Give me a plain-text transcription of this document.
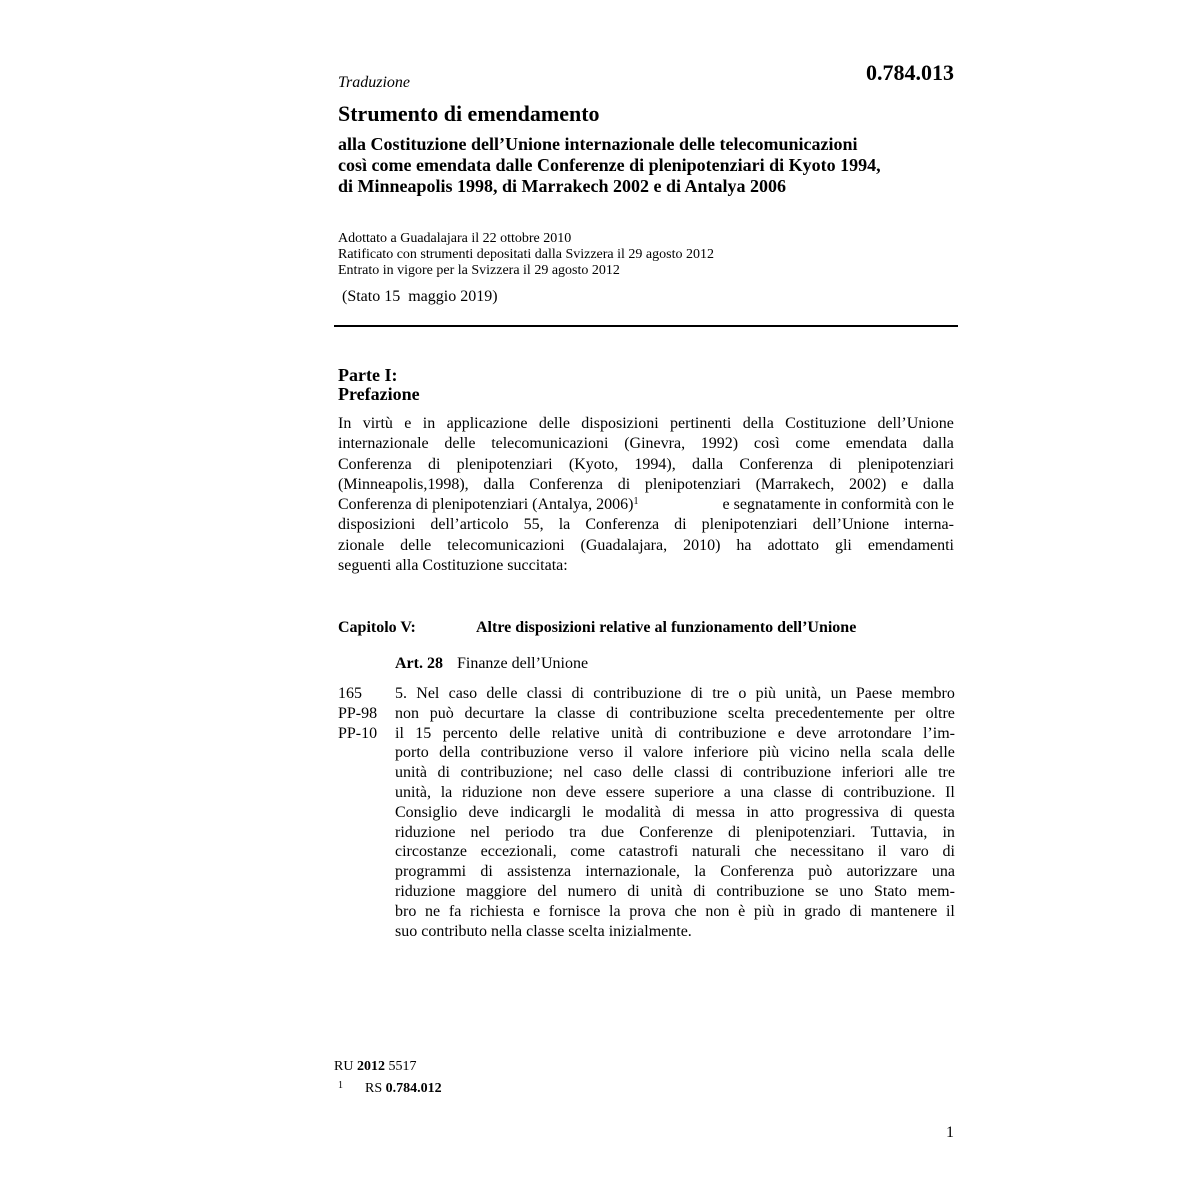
Traduzione	0.784.013
Strumento di emendamento
alla Costituzione dell’Unione internazionale delle telecomunicazioni
così come emendata dalle Conferenze di plenipotenziari di Kyoto 1994,
di Minneapolis 1998, di Marrakech 2002 e di Antalya 2006
Adottato a Guadalajara il 22 ottobre 2010
Ratificato con strumenti depositati dalla Svizzera il 29 agosto 2012
Entrato in vigore per la Svizzera il 29 agosto 2012
(Stato 15  maggio 2019)
Parte I:
Prefazione
In virtù e in applicazione delle disposizioni pertinenti della Costituzione dell’Unione
internazionale delle telecomunicazioni (Ginevra, 1992) così come emendata dalla
Conferenza di plenipotenziari (Kyoto, 1994), dalla Conferenza di plenipotenziari
(Minneapolis,1998), dalla Conferenza di plenipotenziari (Marrakech, 2002) e dalla
Conferenza di plenipotenziari (Antalya, 2006)$^1$	e segnatamente in conformità con le
disposizioni dell’articolo 55, la Conferenza di plenipotenziari dell’Unione interna-
zionale delle telecomunicazioni (Guadalajara, 2010) ha adottato gli emendamenti
seguenti alla Costituzione succitata:
Capitolo V:	Altre disposizioni relative al funzionamento dell’Unione
Art. 28 Finanze dell’Unione
165
PP-98
PP-10
5. Nel caso delle classi di contribuzione di tre o più unità, un Paese membro
non può decurtare la classe di contribuzione scelta precedentemente per oltre
il 15 percento delle relative unità di contribuzione e deve arrotondare l’im-
porto della contribuzione verso il valore inferiore più vicino nella scala delle
unità di contribuzione; nel caso delle classi di contribuzione inferiori alle tre
unità, la riduzione non deve essere superiore a una classe di contribuzione. Il
Consiglio deve indicargli le modalità di messa in atto progressiva di questa
riduzione nel periodo tra due Conferenze di plenipotenziari. Tuttavia, in
circostanze eccezionali, come catastrofi naturali che necessitano il varo di
programmi di assistenza internazionale, la Conferenza può autorizzare una
riduzione maggiore del numero di unità di contribuzione se uno Stato mem-
bro ne fa richiesta e fornisce la prova che non è più in grado di mantenere il
suo contributo nella classe scelta inizialmente.
RU 2012 5517
$^1$ RS 0.784.012
1
